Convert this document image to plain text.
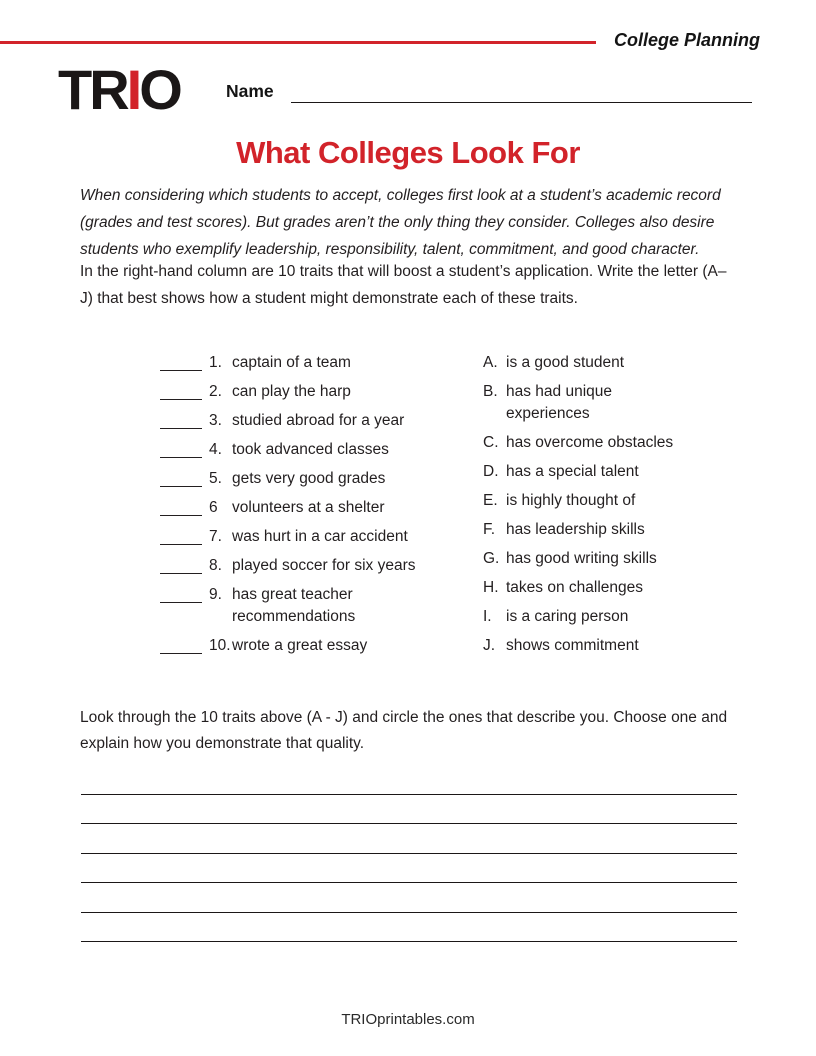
College Planning
TRIO	Name
What Colleges Look For

When considering which students to accept, colleges first look at a student’s academic record (grades and test scores). But grades aren’t the only thing they consider. Colleges also desire students who exemplify leadership, responsibility, talent, commitment, and good character.

In the right-hand column are 10 traits that will boost a student’s application. Write the letter (A–J) that best shows how a student might demonstrate each of these traits.

1. captain of a team
2. can play the harp
3. studied abroad for a year
4. took advanced classes
5. gets very good grades
6 volunteers at a shelter
7. was hurt in a car accident
8. played soccer for six years
9. has great teacher
recommendations
10. wrote a great essay
A. is a good student
B. has had unique
experiences
C. has overcome obstacles
D. has a special talent
E. is highly thought of
F. has leadership skills
G. has good writing skills
H. takes on challenges
I. is a caring person
J. shows commitment

Look through the 10 traits above (A - J) and circle the ones that describe you. Choose one and explain how you demonstrate that quality.

TRIOprintables.com
